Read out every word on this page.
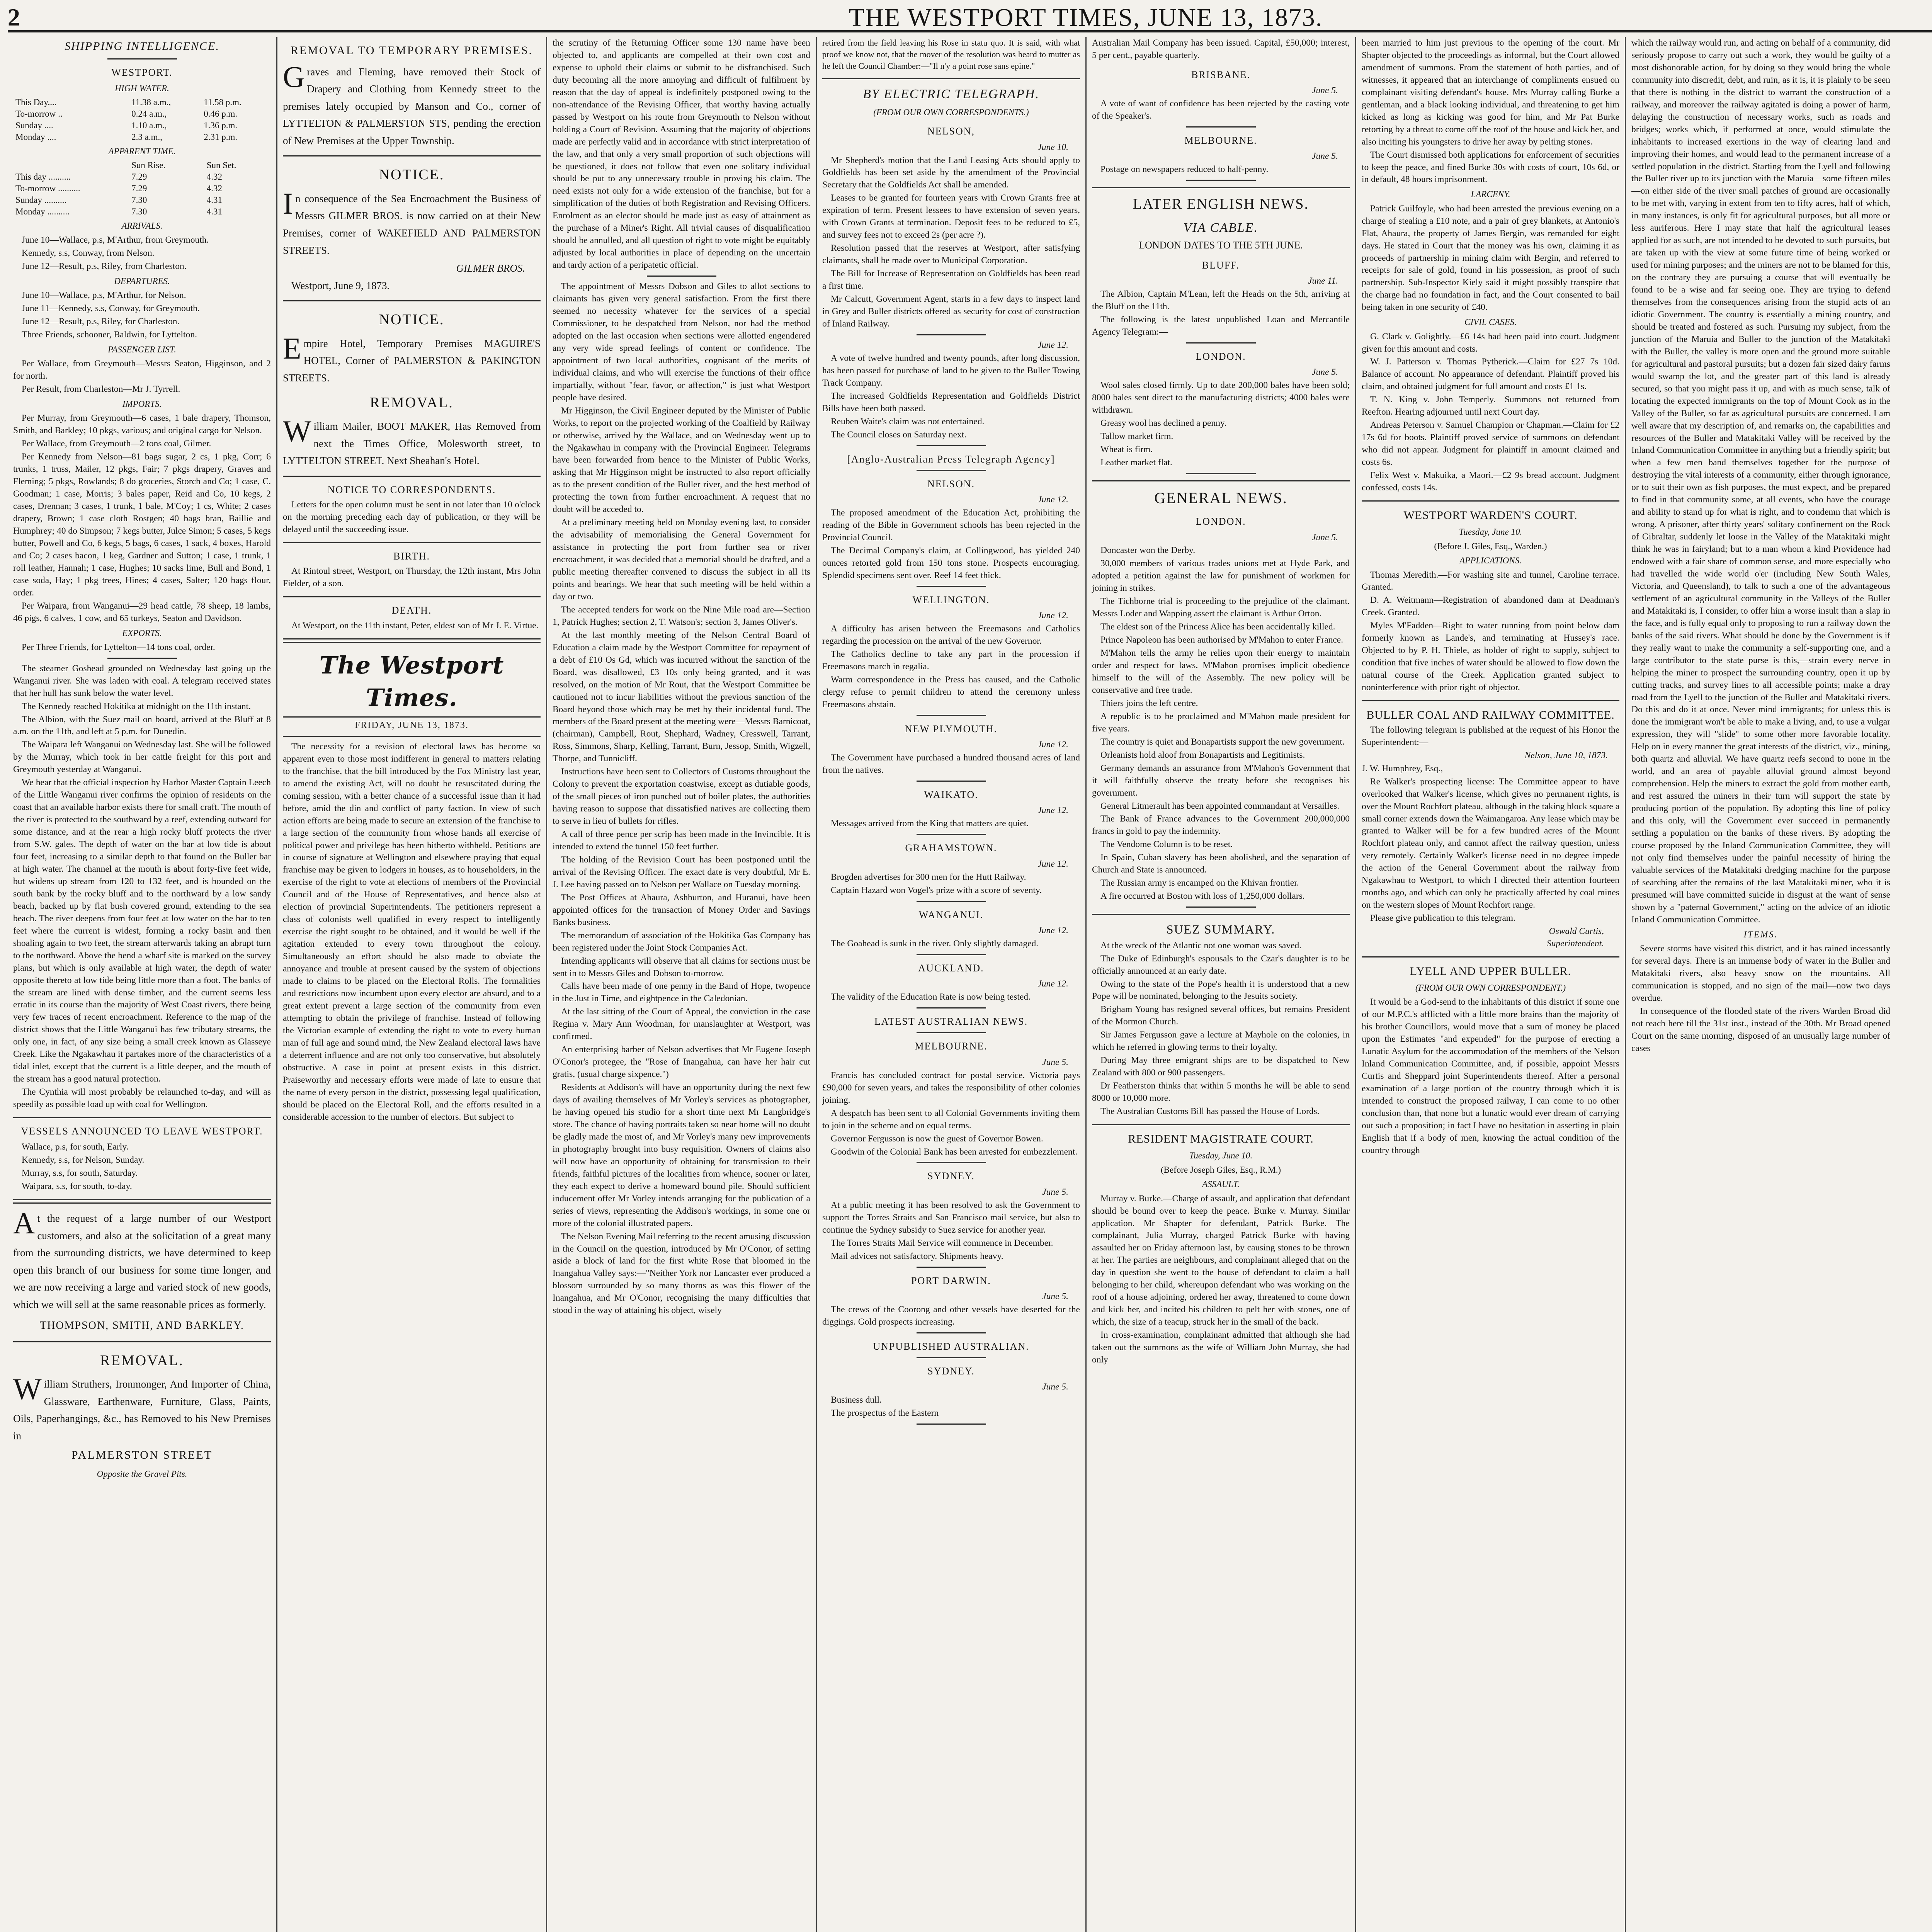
2	THE WESTPORT TIMES, JUNE 13, 1873.
SHIPPING INTELLIGENCE.
WESTPORT.
HIGH WATER.
This Day....	11.38 a.m.,	11.58 p.m.
To-morrow ..	0.24 a.m.,	0.46 p.m.
Sunday ....	1.10 a.m.,	1.36 p.m.
Monday ....	2.3 a.m.,	2.31 p.m.
APPARENT TIME.
	Sun Rise.	Sun Set.
This day ..........	7.29	4.32
To-morrow ..........	7.29	4.32
Sunday ..........	7.30	4.31
Monday ..........	7.30	4.31
ARRIVALS.

June 10—Wallace, p.s, M'Arthur, from Greymouth.

Kennedy, s.s, Conway, from Nelson.

June 12—Result, p.s, Riley, from Charleston.

DEPARTURES.

June 10—Wallace, p.s, M'Arthur, for Nelson.

June 11—Kennedy, s.s, Conway, for Greymouth.

June 12—Result, p.s, Riley, for Charleston.

Three Friends, schooner, Baldwin, for Lyttelton.

PASSENGER LIST.

Per Wallace, from Greymouth—Messrs Seaton, Higginson, and 2 for north.

Per Result, from Charleston—Mr J. Tyrrell.

IMPORTS.

Per Murray, from Greymouth—6 cases, 1 bale drapery, Thomson, Smith, and Barkley; 10 pkgs, various; and original cargo for Nelson.

Per Wallace, from Greymouth—2 tons coal, Gilmer.

Per Kennedy from Nelson—81 bags sugar, 2 cs, 1 pkg, Corr; 6 trunks, 1 truss, Mailer, 12 pkgs, Fair; 7 pkgs drapery, Graves and Fleming; 5 pkgs, Rowlands; 8 do groceries, Storch and Co; 1 case, C. Goodman; 1 case, Morris; 3 bales paper, Reid and Co, 10 kegs, 2 cases, Drennan; 3 cases, 1 trunk, 1 bale, M'Coy; 1 cs, White; 2 cases drapery, Brown; 1 case cloth Rostgen; 40 bags bran, Baillie and Humphrey; 40 do Simpson; 7 kegs butter, Julce Simon; 5 cases, 5 kegs butter, Powell and Co, 6 kegs, 5 bags, 6 cases, 1 sack, 4 boxes, Harold and Co; 2 cases bacon, 1 keg, Gardner and Sutton; 1 case, 1 trunk, 1 roll leather, Hannah; 1 case, Hughes; 10 sacks lime, Bull and Bond, 1 case soda, Hay; 1 pkg trees, Hines; 4 cases, Salter; 120 bags flour, order.

Per Waipara, from Wanganui—29 head cattle, 78 sheep, 18 lambs, 46 pigs, 6 calves, 1 cow, and 65 turkeys, Seaton and Davidson.

EXPORTS.

Per Three Friends, for Lyttelton—14 tons coal, order.

The steamer Goshead grounded on Wednesday last going up the Wanganui river. She was laden with coal. A telegram received states that her hull has sunk below the water level.

The Kennedy reached Hokitika at midnight on the 11th instant.

The Albion, with the Suez mail on board, arrived at the Bluff at 8 a.m. on the 11th, and left at 5 p.m. for Dunedin.

The Waipara left Wanganui on Wednesday last. She will be followed by the Murray, which took in her cattle freight for this port and Greymouth yesterday at Wanganui.

We hear that the official inspection by Harbor Master Captain Leech of the Little Wanganui river confirms the opinion of residents on the coast that an available harbor exists there for small craft. The mouth of the river is protected to the southward by a reef, extending outward for some distance, and at the rear a high rocky bluff protects the river from S.W. gales. The depth of water on the bar at low tide is about four feet, increasing to a similar depth to that found on the Buller bar at high water. The channel at the mouth is about forty-five feet wide, but widens up stream from 120 to 132 feet, and is bounded on the south bank by the rocky bluff and to the northward by a low sandy beach, backed up by flat bush covered ground, extending to the sea beach. The river deepens from four feet at low water on the bar to ten feet where the current is widest, forming a rocky basin and then shoaling again to two feet, the stream afterwards taking an abrupt turn to the northward. Above the bend a wharf site is marked on the survey plans, but which is only available at high water, the depth of water opposite thereto at low tide being little more than a foot. The banks of the stream are lined with dense timber, and the current seems less erratic in its course than the majority of West Coast rivers, there being very few traces of recent encroachment. Reference to the map of the district shows that the Little Wanganui has few tributary streams, the only one, in fact, of any size being a small creek known as Glasseye Creek. Like the Ngakawhau it partakes more of the characteristics of a tidal inlet, except that the current is a little deeper, and the mouth of the stream has a good natural protection.

The Cynthia will most probably be relaunched to-day, and will as speedily as possible load up with coal for Wellington.

VESSELS ANNOUNCED TO LEAVE WESTPORT.

Wallace, p.s, for south, Early.

Kennedy, s.s, for Nelson, Sunday.

Murray, s.s, for south, Saturday.

Waipara, s.s, for south, to-day.

At the request of a large number of our Westport customers, and also at the solicitation of a great many from the surrounding districts, we have determined to keep open this branch of our business for some time longer, and we are now receiving a large and varied stock of new goods, which we will sell at the same reasonable prices as formerly.

THOMPSON, SMITH, AND BARKLEY.
REMOVAL.

William Struthers, Ironmonger, And Importer of China, Glassware, Earthenware, Furniture, Glass, Paints, Oils, Paperhangings, &c., has Removed to his New Premises in

PALMERSTON STREET
Opposite the Gravel Pits.
REMOVAL TO TEMPORARY PREMISES.

Graves and Fleming, have removed their Stock of Drapery and Clothing from Kennedy street to the premises lately occupied by Manson and Co., corner of LYTTELTON & PALMERSTON STS, pending the erection of New Premises at the Upper Township.

NOTICE.

In consequence of the Sea Encroachment the Business of Messrs GILMER BROS. is now carried on at their New Premises, corner of WAKEFIELD AND PALMERSTON STREETS.

GILMER BROS.

Westport, June 9, 1873.

NOTICE.

Empire Hotel, Temporary Premises MAGUIRE'S HOTEL, Corner of PALMERSTON & PAKINGTON STREETS.

REMOVAL.

William Mailer, BOOT MAKER, Has Removed from next the Times Office, Molesworth street, to LYTTELTON STREET. Next Sheahan's Hotel.

NOTICE TO CORRESPONDENTS.

Letters for the open column must be sent in not later than 10 o'clock on the morning preceding each day of publication, or they will be delayed until the succeeding issue.

BIRTH.

At Rintoul street, Westport, on Thursday, the 12th instant, Mrs John Fielder, of a son.

DEATH.

At Westport, on the 11th instant, Peter, eldest son of Mr J. E. Virtue.

The Westport Times.
FRIDAY, JUNE 13, 1873.

The necessity for a revision of electoral laws has become so apparent even to those most indifferent in general to matters relating to the franchise, that the bill introduced by the Fox Ministry last year, to amend the existing Act, will no doubt be resuscitated during the coming session, with a better chance of a successful issue than it had before, amid the din and conflict of party faction. In view of such action efforts are being made to secure an extension of the franchise to a large section of the community from whose hands all exercise of political power and privilege has been hitherto withheld. Petitions are in course of signature at Wellington and elsewhere praying that equal franchise may be given to lodgers in houses, as to householders, in the exercise of the right to vote at elections of members of the Provincial Council and of the House of Representatives, and hence also at election of provincial Superintendents. The petitioners represent a class of colonists well qualified in every respect to intelligently exercise the right sought to be obtained, and it would be well if the agitation extended to every town throughout the colony. Simultaneously an effort should be also made to obviate the annoyance and trouble at present caused by the system of objections made to claims to be placed on the Electoral Rolls. The formalities and restrictions now incumbent upon every elector are absurd, and to a great extent prevent a large section of the community from even attempting to obtain the privilege of franchise. Instead of following the Victorian example of extending the right to vote to every human man of full age and sound mind, the New Zealand electoral laws have a deterrent influence and are not only too conservative, but absolutely obstructive. A case in point at present exists in this district. Praiseworthy and necessary efforts were made of late to ensure that the name of every person in the district, possessing legal qualification, should be placed on the Electoral Roll, and the efforts resulted in a considerable accession to the number of electors. But subject to

the scrutiny of the Returning Officer some 130 name have been objected to, and applicants are compelled at their own cost and expense to uphold their claims or submit to be disfranchised. Such duty becoming all the more annoying and difficult of fulfilment by reason that the day of appeal is indefinitely postponed owing to the non-attendance of the Revising Officer, that worthy having actually passed by Westport on his route from Greymouth to Nelson without holding a Court of Revision. Assuming that the majority of objections made are perfectly valid and in accordance with strict interpretation of the law, and that only a very small proportion of such objections will be questioned, it does not follow that even one solitary individual should be put to any unnecessary trouble in proving his claim. The need exists not only for a wide extension of the franchise, but for a simplification of the duties of both Registration and Revising Officers. Enrolment as an elector should be made just as easy of attainment as the purchase of a Miner's Right. All trivial causes of disqualification should be annulled, and all question of right to vote might be equitably adjusted by local authorities in place of depending on the uncertain and tardy action of a peripatetic official.

The appointment of Messrs Dobson and Giles to allot sections to claimants has given very general satisfaction. From the first there seemed no necessity whatever for the services of a special Commissioner, to be despatched from Nelson, nor had the method adopted on the last occasion when sections were allotted engendered any very wide spread feelings of content or confidence. The appointment of two local authorities, cognisant of the merits of individual claims, and who will exercise the functions of their office impartially, without "fear, favor, or affection," is just what Westport people have desired.

Mr Higginson, the Civil Engineer deputed by the Minister of Public Works, to report on the projected working of the Coalfield by Railway or otherwise, arrived by the Wallace, and on Wednesday went up to the Ngakawhau in company with the Provincial Engineer. Telegrams have been forwarded from hence to the Minister of Public Works, asking that Mr Higginson might be instructed to also report officially as to the present condition of the Buller river, and the best method of protecting the town from further encroachment. A request that no doubt will be acceded to.

At a preliminary meeting held on Monday evening last, to consider the advisability of memorialising the General Government for assistance in protecting the port from further sea or river encroachment, it was decided that a memorial should be drafted, and a public meeting thereafter convened to discuss the subject in all its points and bearings. We hear that such meeting will be held within a day or two.

The accepted tenders for work on the Nine Mile road are—Section 1, Patrick Hughes; section 2, T. Watson's; section 3, James Oliver's.

At the last monthly meeting of the Nelson Central Board of Education a claim made by the Westport Committee for repayment of a debt of £10 Os Gd, which was incurred without the sanction of the Board, was disallowed, £3 10s only being granted, and it was resolved, on the motion of Mr Rout, that the Westport Committee be cautioned not to incur liabilities without the previous sanction of the Board beyond those which may be met by their incidental fund. The members of the Board present at the meeting were—Messrs Barnicoat, (chairman), Campbell, Rout, Shephard, Wadney, Cresswell, Tarrant, Ross, Simmons, Sharp, Kelling, Tarrant, Burn, Jessop, Smith, Wigzell, Thorpe, and Tunnicliff.

Instructions have been sent to Collectors of Customs throughout the Colony to prevent the exportation coastwise, except as dutiable goods, of the small pieces of iron punched out of boiler plates, the authorities having reason to suppose that dissatisfied natives are collecting them to serve in lieu of bullets for rifles.

A call of three pence per scrip has been made in the Invincible. It is intended to extend the tunnel 150 feet further.

The holding of the Revision Court has been postponed until the arrival of the Revising Officer. The exact date is very doubtful, Mr E. J. Lee having passed on to Nelson per Wallace on Tuesday morning.

The Post Offices at Ahaura, Ashburton, and Huranui, have been appointed offices for the transaction of Money Order and Savings Banks business.

The memorandum of association of the Hokitika Gas Company has been registered under the Joint Stock Companies Act.

Intending applicants will observe that all claims for sections must be sent in to Messrs Giles and Dobson to-morrow.

Calls have been made of one penny in the Band of Hope, twopence in the Just in Time, and eightpence in the Caledonian.

At the last sitting of the Court of Appeal, the conviction in the case Regina v. Mary Ann Woodman, for manslaughter at Westport, was confirmed.

An enterprising barber of Nelson advertises that Mr Eugene Joseph O'Conor's protegee, the "Rose of Inangahua, can have her hair cut gratis, (usual charge sixpence.")

Residents at Addison's will have an opportunity during the next few days of availing themselves of Mr Vorley's services as photographer, he having opened his studio for a short time next Mr Langbridge's store. The chance of having portraits taken so near home will no doubt be gladly made the most of, and Mr Vorley's many new improvements in photography brought into busy requisition. Owners of claims also will now have an opportunity of obtaining for transmission to their friends, faithful pictures of the localities from whence, sooner or later, they each expect to derive a homeward bound pile. Should sufficient inducement offer Mr Vorley intends arranging for the publication of a series of views, representing the Addison's workings, in some one or more of the colonial illustrated papers.

The Nelson Evening Mail referring to the recent amusing discussion in the Council on the question, introduced by Mr O'Conor, of setting aside a block of land for the first white Rose that bloomed in the Inangahua Valley says:—"Neither York nor Lancaster ever produced a blossom surrounded by so many thorns as was this flower of the Inangahua, and Mr O'Conor, recognising the many difficulties that stood in the way of attaining his object, wisely

retired from the field leaving his Rose in statu quo. It is said, with what proof we know not, that the mover of the resolution was heard to mutter as he left the Council Chamber:—"Il n'y a point rose sans epine."

BY ELECTRIC TELEGRAPH.
(FROM OUR OWN CORRESPONDENTS.)
NELSON,
June 10.

Mr Shepherd's motion that the Land Leasing Acts should apply to Goldfields has been set aside by the amendment of the Provincial Secretary that the Goldfields Act shall be amended.

Leases to be granted for fourteen years with Crown Grants free at expiration of term. Present lessees to have extension of seven years, with Crown Grants at termination. Deposit fees to be reduced to £5, and survey fees not to exceed 2s (per acre ?).

Resolution passed that the reserves at Westport, after satisfying claimants, shall be made over to Municipal Corporation.

The Bill for Increase of Representation on Goldfields has been read a first time.

Mr Calcutt, Government Agent, starts in a few days to inspect land in Grey and Buller districts offered as security for cost of construction of Inland Railway.

June 12.

A vote of twelve hundred and twenty pounds, after long discussion, has been passed for purchase of land to be given to the Buller Towing Track Company.

The increased Goldfields Representation and Goldfields District Bills have been both passed.

Reuben Waite's claim was not entertained.

The Council closes on Saturday next.

[Anglo-Australian Press Telegraph Agency]
NELSON.
June 12.

The proposed amendment of the Education Act, prohibiting the reading of the Bible in Government schools has been rejected in the Provincial Council.

The Decimal Company's claim, at Collingwood, has yielded 240 ounces retorted gold from 150 tons stone. Prospects encouraging. Splendid specimens sent over. Reef 14 feet thick.

WELLINGTON.
June 12.

A difficulty has arisen between the Freemasons and Catholics regarding the procession on the arrival of the new Governor.

The Catholics decline to take any part in the procession if Freemasons march in regalia.

Warm correspondence in the Press has caused, and the Catholic clergy refuse to permit children to attend the ceremony unless Freemasons abstain.

NEW PLYMOUTH.
June 12.

The Government have purchased a hundred thousand acres of land from the natives.

WAIKATO.
June 12.

Messages arrived from the King that matters are quiet.

GRAHAMSTOWN.
June 12.

Brogden advertises for 300 men for the Hutt Railway.

Captain Hazard won Vogel's prize with a score of seventy.

WANGANUI.
June 12.

The Goahead is sunk in the river. Only slightly damaged.

AUCKLAND.
June 12.

The validity of the Education Rate is now being tested.

LATEST AUSTRALIAN NEWS.
MELBOURNE.
June 5.

Francis has concluded contract for postal service. Victoria pays £90,000 for seven years, and takes the responsibility of other colonies joining.

A despatch has been sent to all Colonial Governments inviting them to join in the scheme and on equal terms.

Governor Fergusson is now the guest of Governor Bowen.

Goodwin of the Colonial Bank has been arrested for embezzlement.

SYDNEY.
June 5.

At a public meeting it has been resolved to ask the Government to support the Torres Straits and San Francisco mail service, but also to continue the Sydney subsidy to Suez service for another year.

The Torres Straits Mail Service will commence in December.

Mail advices not satisfactory. Shipments heavy.

PORT DARWIN.
June 5.

The crews of the Coorong and other vessels have deserted for the diggings. Gold prospects increasing.

UNPUBLISHED AUSTRALIAN.
SYDNEY.
June 5.

Business dull.

The prospectus of the Eastern

Australian Mail Company has been issued. Capital, £50,000; interest, 5 per cent., payable quarterly.

BRISBANE.
June 5.

A vote of want of confidence has been rejected by the casting vote of the Speaker's.

MELBOURNE.
June 5.

Postage on newspapers reduced to half-penny.

LATER ENGLISH NEWS.
VIA CABLE.
LONDON DATES TO THE 5TH JUNE.
BLUFF.
June 11.

The Albion, Captain M'Lean, left the Heads on the 5th, arriving at the Bluff on the 11th.

The following is the latest unpublished Loan and Mercantile Agency Telegram:—

LONDON.
June 5.

Wool sales closed firmly. Up to date 200,000 bales have been sold; 8000 bales sent direct to the manufacturing districts; 4000 bales were withdrawn.

Greasy wool has declined a penny.

Tallow market firm.

Wheat is firm.

Leather market flat.

GENERAL NEWS.
LONDON.
June 5.

Doncaster won the Derby.

30,000 members of various trades unions met at Hyde Park, and adopted a petition against the law for punishment of workmen for joining in strikes.

The Tichborne trial is proceeding to the prejudice of the claimant. Messrs Loder and Wapping assert the claimant is Arthur Orton.

The eldest son of the Princess Alice has been accidentally killed.

Prince Napoleon has been authorised by M'Mahon to enter France.

M'Mahon tells the army he relies upon their energy to maintain order and respect for laws. M'Mahon promises implicit obedience himself to the will of the Assembly. The new policy will be conservative and free trade.

Thiers joins the left centre.

A republic is to be proclaimed and M'Mahon made president for five years.

The country is quiet and Bonapartists support the new government.

Orleanists hold aloof from Bonapartists and Legitimists.

Germany demands an assurance from M'Mahon's Government that it will faithfully observe the treaty before she recognises his government.

General Litmerault has been appointed commandant at Versailles.

The Bank of France advances to the Government 200,000,000 francs in gold to pay the indemnity.

The Vendome Column is to be reset.

In Spain, Cuban slavery has been abolished, and the separation of Church and State is announced.

The Russian army is encamped on the Khivan frontier.

A fire occurred at Boston with loss of 1,250,000 dollars.

SUEZ SUMMARY.

At the wreck of the Atlantic not one woman was saved.

The Duke of Edinburgh's espousals to the Czar's daughter is to be officially announced at an early date.

Owing to the state of the Pope's health it is understood that a new Pope will be nominated, belonging to the Jesuits society.

Brigham Young has resigned several offices, but remains President of the Mormon Church.

Sir James Fergusson gave a lecture at Mayhole on the colonies, in which he referred in glowing terms to their loyalty.

During May three emigrant ships are to be dispatched to New Zealand with 800 or 900 passengers.

Dr Featherston thinks that within 5 months he will be able to send 8000 or 10,000 more.

The Australian Customs Bill has passed the House of Lords.

RESIDENT MAGISTRATE COURT.
Tuesday, June 10.
(Before Joseph Giles, Esq., R.M.)
ASSAULT.

Murray v. Burke.—Charge of assault, and application that defendant should be bound over to keep the peace. Burke v. Murray. Similar application. Mr Shapter for defendant, Patrick Burke. The complainant, Julia Murray, charged Patrick Burke with having assaulted her on Friday afternoon last, by causing stones to be thrown at her. The parties are neighbours, and complainant alleged that on the day in question she went to the house of defendant to claim a ball belonging to her child, whereupon defendant who was working on the roof of a house adjoining, ordered her away, threatened to come down and kick her, and incited his children to pelt her with stones, one of which, the size of a teacup, struck her in the small of the back.

In cross-examination, complainant admitted that although she had taken out the summons as the wife of William John Murray, she had only

been married to him just previous to the opening of the court. Mr Shapter objected to the proceedings as informal, but the Court allowed amendment of summons. From the statement of both parties, and of witnesses, it appeared that an interchange of compliments ensued on complainant visiting defendant's house. Mrs Murray calling Burke a gentleman, and a black looking individual, and threatening to get him kicked as long as kicking was good for him, and Mr Pat Burke retorting by a threat to come off the roof of the house and kick her, and also inciting his youngsters to drive her away by pelting stones.

The Court dismissed both applications for enforcement of securities to keep the peace, and fined Burke 30s with costs of court, 10s 6d, or in default, 48 hours imprisonment.

LARCENY.

Patrick Guilfoyle, who had been arrested the previous evening on a charge of stealing a £10 note, and a pair of grey blankets, at Antonio's Flat, Ahaura, the property of James Bergin, was remanded for eight days. He stated in Court that the money was his own, claiming it as proceeds of partnership in mining claim with Bergin, and referred to receipts for sale of gold, found in his possession, as proof of such partnership. Sub-Inspector Kiely said it might possibly transpire that the charge had no foundation in fact, and the Court consented to bail being taken in one security of £40.

CIVIL CASES.

G. Clark v. Golightly.—£6 14s had been paid into court. Judgment given for this amount and costs.

W. J. Patterson v. Thomas Pytherick.—Claim for £27 7s 10d. Balance of account. No appearance of defendant. Plaintiff proved his claim, and obtained judgment for full amount and costs £1 1s.

T. N. King v. John Temperly.—Summons not returned from Reefton. Hearing adjourned until next Court day.

Andreas Peterson v. Samuel Champion or Chapman.—Claim for £2 17s 6d for boots. Plaintiff proved service of summons on defendant who did not appear. Judgment for plaintiff in amount claimed and costs 6s.

Felix West v. Makuika, a Maori.—£2 9s bread account. Judgment confessed, costs 14s.

WESTPORT WARDEN'S COURT.
Tuesday, June 10.
(Before J. Giles, Esq., Warden.)
APPLICATIONS.

Thomas Meredith.—For washing site and tunnel, Caroline terrace. Granted.

D. A. Weitmann—Registration of abandoned dam at Deadman's Creek. Granted.

Myles M'Fadden—Right to water running from point below dam formerly known as Lande's, and terminating at Hussey's race. Objected to by P. H. Thiele, as holder of right to supply, subject to condition that five inches of water should be allowed to flow down the natural course of the Creek. Application granted subject to noninterference with prior right of objector.

BULLER COAL AND RAILWAY COMMITTEE.

The following telegram is published at the request of his Honor the Superintendent:—

Nelson, June 10, 1873.

J. W. Humphrey, Esq.,

Re Walker's prospecting license: The Committee appear to have overlooked that Walker's license, which gives no permanent rights, is over the Mount Rochfort plateau, although in the taking block square a small corner extends down the Waimangaroa. Any lease which may be granted to Walker will be for a few hundred acres of the Mount Rochfort plateau only, and cannot affect the railway question, unless very remotely. Certainly Walker's license need in no degree impede the action of the General Government about the railway from Ngakawhau to Westport, to which I directed their attention fourteen months ago, and which can only be practically affected by coal mines on the western slopes of Mount Rochfort range.

Please give publication to this telegram.

Oswald Curtis,
Superintendent.
LYELL AND UPPER BULLER.
(FROM OUR OWN CORRESPONDENT.)

It would be a God-send to the inhabitants of this district if some one of our M.P.C.'s afflicted with a little more brains than the majority of his brother Councillors, would move that a sum of money be placed upon the Estimates "and expended" for the purpose of erecting a Lunatic Asylum for the accommodation of the members of the Nelson Inland Communication Committee, and, if possible, appoint Messrs Curtis and Sheppard joint Superintendents thereof. After a personal examination of a large portion of the country through which it is intended to construct the proposed railway, I can come to no other conclusion than, that none but a lunatic would ever dream of carrying out such a proposition; in fact I have no hesitation in asserting in plain English that if a body of men, knowing the actual condition of the country through

which the railway would run, and acting on behalf of a community, did seriously propose to carry out such a work, they would be guilty of a most dishonorable action, for by doing so they would bring the whole community into discredit, debt, and ruin, as it is, it is plainly to be seen that there is nothing in the district to warrant the construction of a railway, and moreover the railway agitated is doing a power of harm, delaying the construction of necessary works, such as roads and bridges; works which, if performed at once, would stimulate the inhabitants to increased exertions in the way of clearing land and improving their homes, and would lead to the permanent increase of a settled population in the district. Starting from the Lyell and following the Buller river up to its junction with the Maruia—some fifteen miles—on either side of the river small patches of ground are occasionally to be met with, varying in extent from ten to fifty acres, half of which, in many instances, is only fit for agricultural purposes, but all more or less auriferous. Here I may state that half the agricultural leases applied for as such, are not intended to be devoted to such pursuits, but are taken up with the view at some future time of being worked or used for mining purposes; and the miners are not to be blamed for this, on the contrary they are pursuing a course that will eventually be found to be a wise and far seeing one. They are trying to defend themselves from the consequences arising from the stupid acts of an idiotic Government. The country is essentially a mining country, and should be treated and fostered as such. Pursuing my subject, from the junction of the Maruia and Buller to the junction of the Matakitaki with the Buller, the valley is more open and the ground more suitable for agricultural and pastoral pursuits; but a dozen fair sized dairy farms would swamp the lot, and the greater part of this land is already secured, so that you might pass it up, and with as much sense, talk of locating the expected immigrants on the top of Mount Cook as in the Valley of the Buller, so far as agricultural pursuits are concerned. I am well aware that my description of, and remarks on, the capabilities and resources of the Buller and Matakitaki Valley will be received by the Inland Communication Committee in anything but a friendly spirit; but when a few men band themselves together for the purpose of destroying the vital interests of a community, either through ignorance, or to suit their own as fish purposes, the must expect, and be prepared to find in that community some, at all events, who have the courage and ability to stand up for what is right, and to condemn that which is wrong. A prisoner, after thirty years' solitary confinement on the Rock of Gibraltar, suddenly let loose in the Valley of the Matakitaki might think he was in fairyland; but to a man whom a kind Providence had endowed with a fair share of common sense, and more especially who had travelled the wide world o'er (including New South Wales, Victoria, and Queensland), to talk to such a one of the advantageous settlement of an agricultural community in the Valleys of the Buller and Matakitaki is, I consider, to offer him a worse insult than a slap in the face, and is fully equal only to proposing to run a railway down the banks of the said rivers. What should be done by the Government is if they really want to make the community a self-supporting one, and a large contributor to the state purse is this,—strain every nerve in helping the miner to prospect the surrounding country, open it up by cutting tracks, and survey lines to all accessible points; make a dray road from the Lyell to the junction of the Buller and Matakitaki rivers. Do this and do it at once. Never mind immigrants; for unless this is done the immigrant won't be able to make a living, and, to use a vulgar expression, they will "slide" to some other more favorable locality. Help on in every manner the great interests of the district, viz., mining, both quartz and alluvial. We have quartz reefs second to none in the world, and an area of payable alluvial ground almost beyond comprehension. Help the miners to extract the gold from mother earth, and rest assured the miners in their turn will support the state by producing portion of the population. By adopting this line of policy and this only, will the Government ever succeed in permanently settling a population on the banks of these rivers. By adopting the course proposed by the Inland Communication Committee, they will not only find themselves under the painful necessity of hiring the valuable services of the Matakitaki dredging machine for the purpose of searching after the remains of the last Matakitaki miner, who it is presumed will have committed suicide in disgust at the want of sense shown by a "paternal Government," acting on the advice of an idiotic Inland Communication Committee.

ITEMS.

Severe storms have visited this district, and it has rained incessantly for several days. There is an immense body of water in the Buller and Matakitaki rivers, also heavy snow on the mountains. All communication is stopped, and no sign of the mail—now two days overdue.

In consequence of the flooded state of the rivers Warden Broad did not reach here till the 31st inst., instead of the 30th. Mr Broad opened Court on the same morning, disposed of an unusually large number of cases
